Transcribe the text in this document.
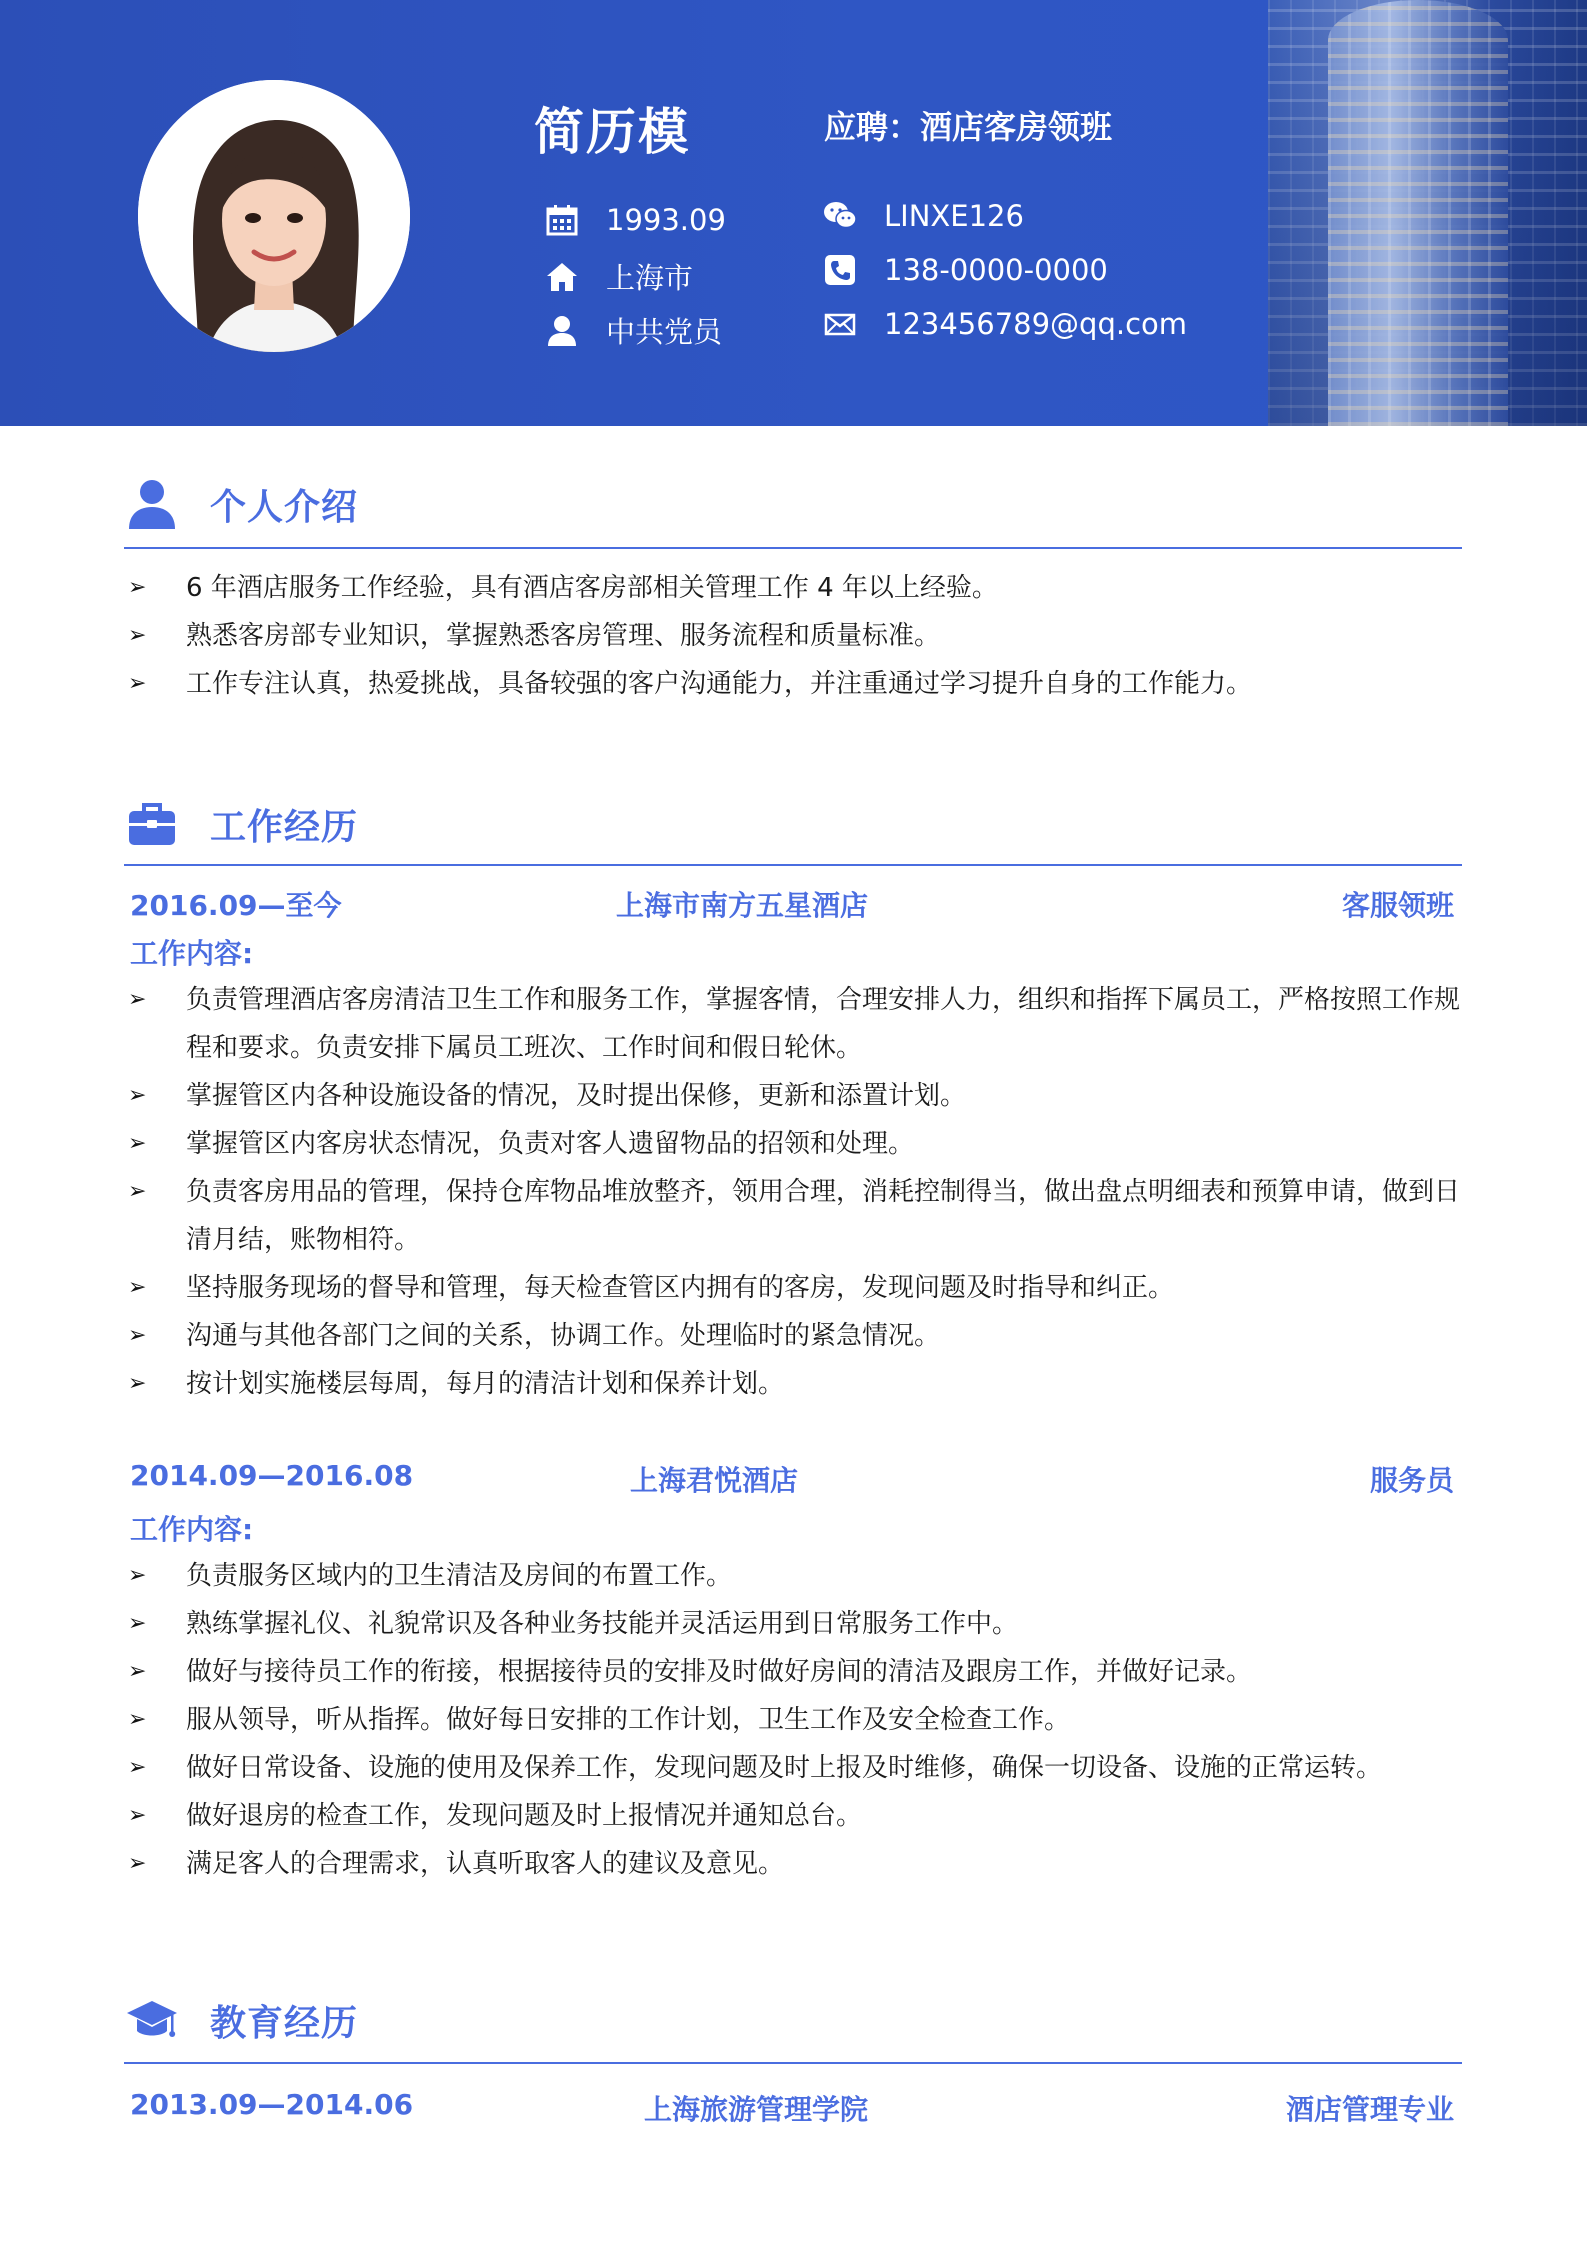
简历模	应聘：酒店客房领班
1993.09
上海市
中共党员
LINXE126
138-0000-0000
123456789@qq.com
个人介绍
➢ 6 年酒店服务工作经验，具有酒店客房部相关管理工作 4 年以上经验。
➢ 熟悉客房部专业知识，掌握熟悉客房管理、服务流程和质量标准。
➢ 工作专注认真，热爱挑战，具备较强的客户沟通能力，并注重通过学习提升自身的工作能力。
工作经历
2016.09—至今	上海市南方五星酒店	客服领班
工作内容:
➢ 负责管理酒店客房清洁卫生工作和服务工作，掌握客情，合理安排人力，组织和指挥下属员工，严格按照工作规程和要求。负责安排下属员工班次、工作时间和假日轮休。
➢ 掌握管区内各种设施设备的情况，及时提出保修，更新和添置计划。
➢ 掌握管区内客房状态情况，负责对客人遗留物品的招领和处理。
➢ 负责客房用品的管理，保持仓库物品堆放整齐，领用合理，消耗控制得当，做出盘点明细表和预算申请，做到日清月结，账物相符。
➢ 坚持服务现场的督导和管理，每天检查管区内拥有的客房，发现问题及时指导和纠正。
➢ 沟通与其他各部门之间的关系，协调工作。处理临时的紧急情况。
➢ 按计划实施楼层每周，每月的清洁计划和保养计划。
2014.09—2016.08	上海君悦酒店	服务员
工作内容:
➢ 负责服务区域内的卫生清洁及房间的布置工作。
➢ 熟练掌握礼仪、礼貌常识及各种业务技能并灵活运用到日常服务工作中。
➢ 做好与接待员工作的衔接，根据接待员的安排及时做好房间的清洁及跟房工作，并做好记录。
➢ 服从领导，听从指挥。做好每日安排的工作计划，卫生工作及安全检查工作。
➢ 做好日常设备、设施的使用及保养工作，发现问题及时上报及时维修，确保一切设备、设施的正常运转。
➢ 做好退房的检查工作，发现问题及时上报情况并通知总台。
➢ 满足客人的合理需求，认真听取客人的建议及意见。
教育经历
2013.09—2014.06	上海旅游管理学院	酒店管理专业
